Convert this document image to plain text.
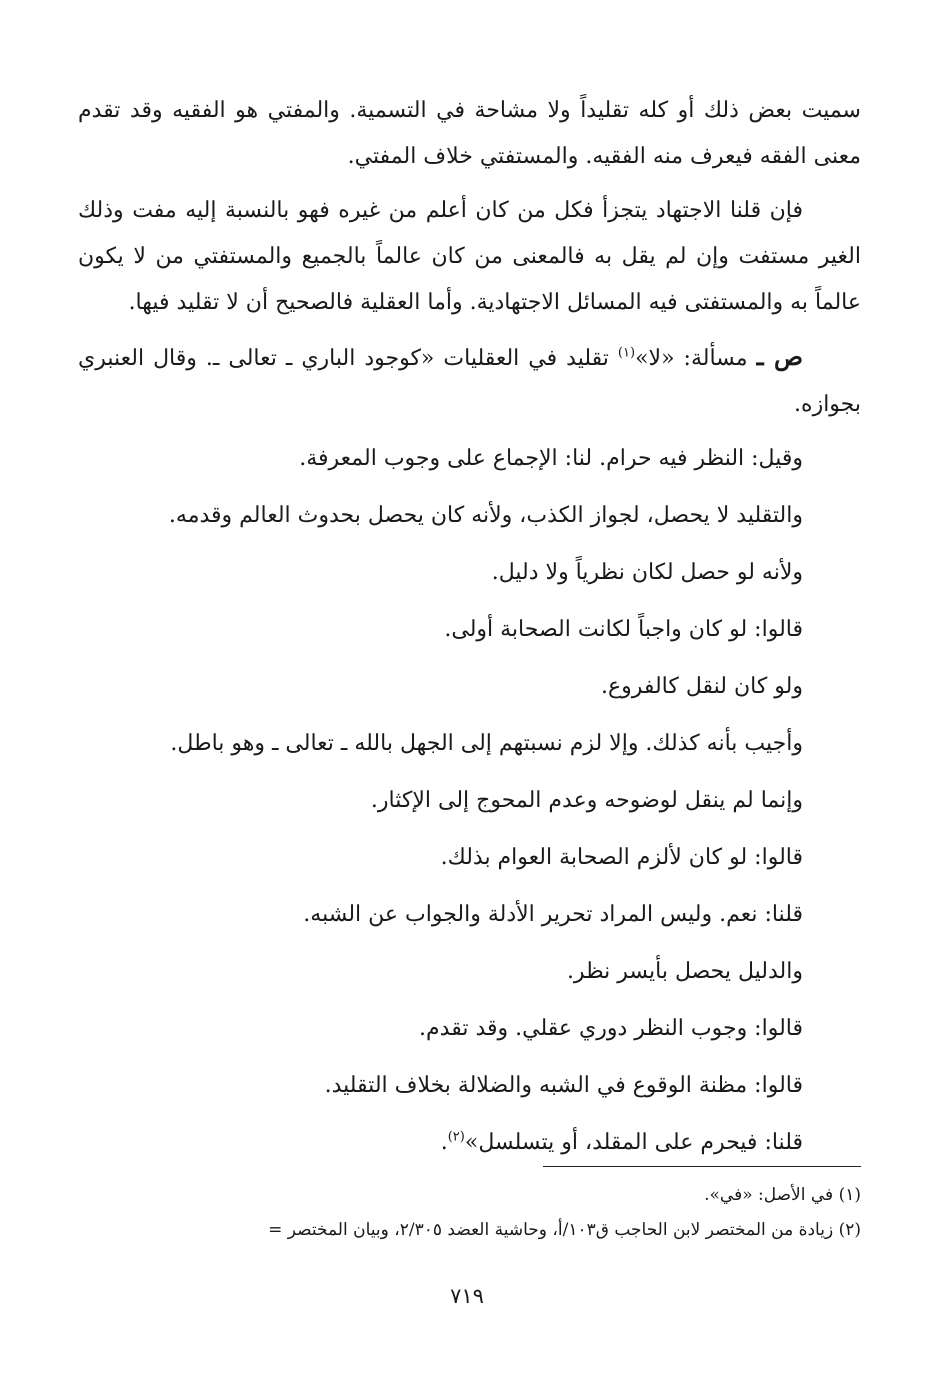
سميت بعض ذلك أو كله تقليداً ولا مشاحة في التسمية. والمفتي هو الفقيه وقد تقدم معنى الفقه فيعرف منه الفقيه. والمستفتي خلاف المفتي.

فإن قلنا الاجتهاد يتجزأ فكل من كان أعلم من غيره فهو بالنسبة إليه مفت وذلك الغير مستفت وإن لم يقل به فالمعنى من كان عالماً بالجميع والمستفتي من لا يكون عالماً به والمستفتى فيه المسائل الاجتهادية. وأما العقلية فالصحيح أن لا تقليد فيها.

ص ـ مسألة: «لا»$^{(١)}$ تقليد في العقليات «كوجود الباري ـ تعالى ـ. وقال العنبري بجوازه.

وقيل: النظر فيه حرام. لنا: الإجماع على وجوب المعرفة.
والتقليد لا يحصل، لجواز الكذب، ولأنه كان يحصل بحدوث العالم وقدمه.
ولأنه لو حصل لكان نظرياً ولا دليل.
قالوا: لو كان واجباً لكانت الصحابة أولى.
ولو كان لنقل كالفروع.
وأجيب بأنه كذلك. وإلا لزم نسبتهم إلى الجهل بالله ـ تعالى ـ وهو باطل.
وإنما لم ينقل لوضوحه وعدم المحوج إلى الإكثار.
قالوا: لو كان لألزم الصحابة العوام بذلك.
قلنا: نعم. وليس المراد تحرير الأدلة والجواب عن الشبه.
والدليل يحصل بأيسر نظر.
قالوا: وجوب النظر دوري عقلي. وقد تقدم.
قالوا: مظنة الوقوع في الشبه والضلالة بخلاف التقليد.
قلنا: فيحرم على المقلد، أو يتسلسل»$^{(٢)}$.
(١) في الأصل: «في».
(٢) زيادة من المختصر لابن الحاجب ق١٠٣/أ، وحاشية العضد ٢/٣٠٥، وبيان المختصر =
٧١٩
